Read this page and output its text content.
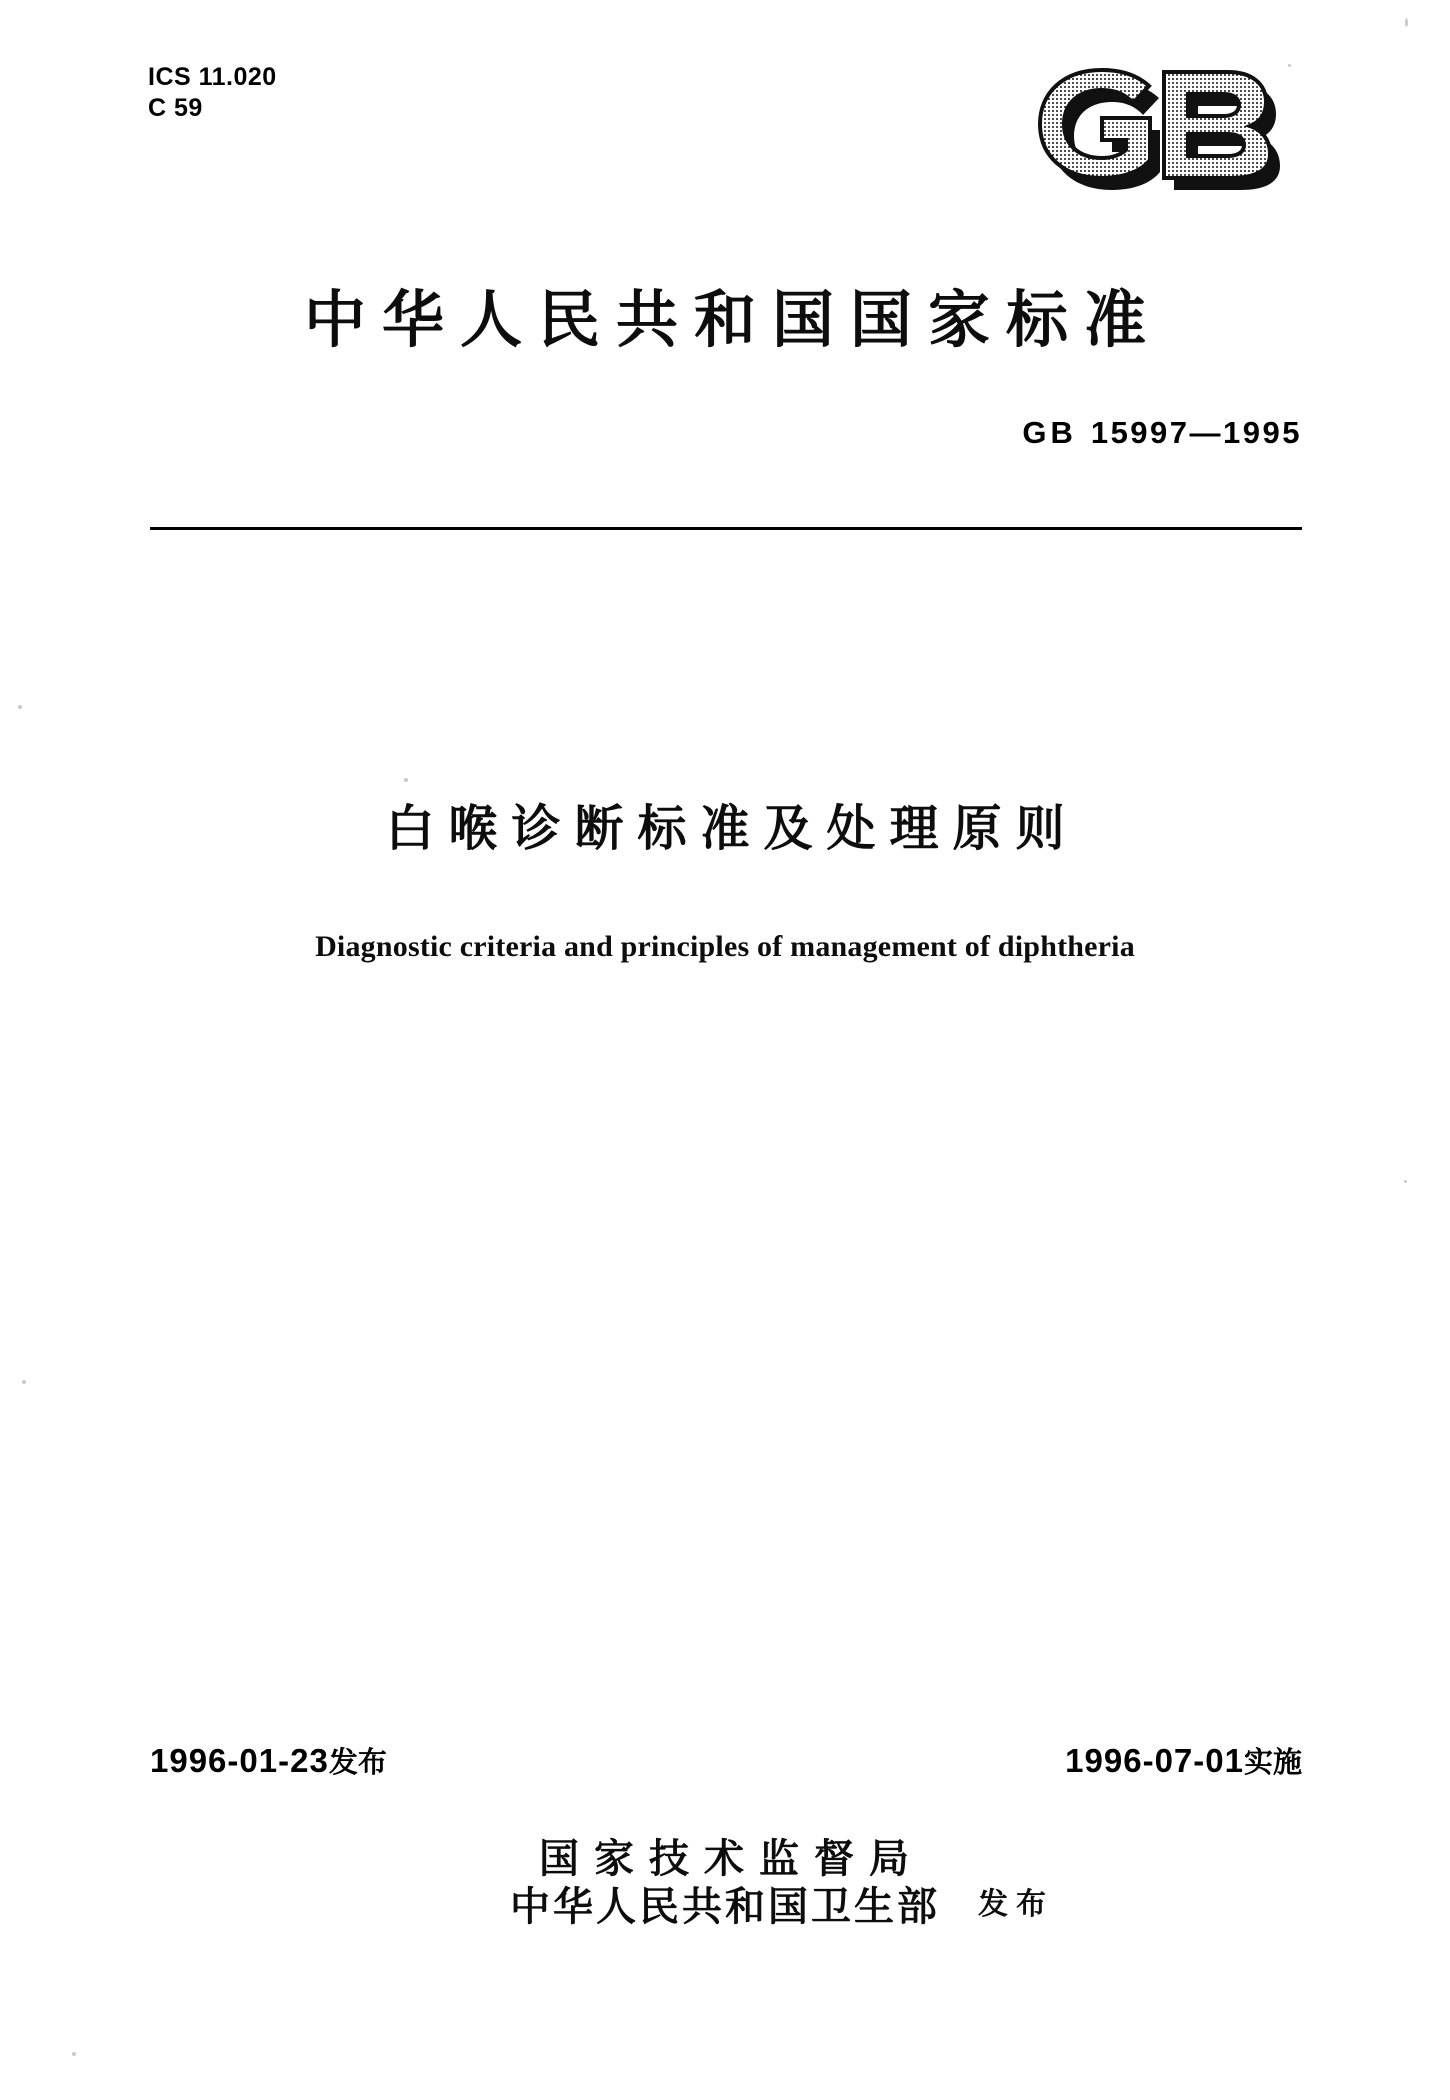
ICS 11.020
C 59
中华人民共和国国家标准
GB 15997—1995
白喉诊断标准及处理原则
Diagnostic criteria and principles of management of diphtheria
1996-01-23发布	1996-07-01实施
国家技术监督局
中华人民共和国卫生部 发布
